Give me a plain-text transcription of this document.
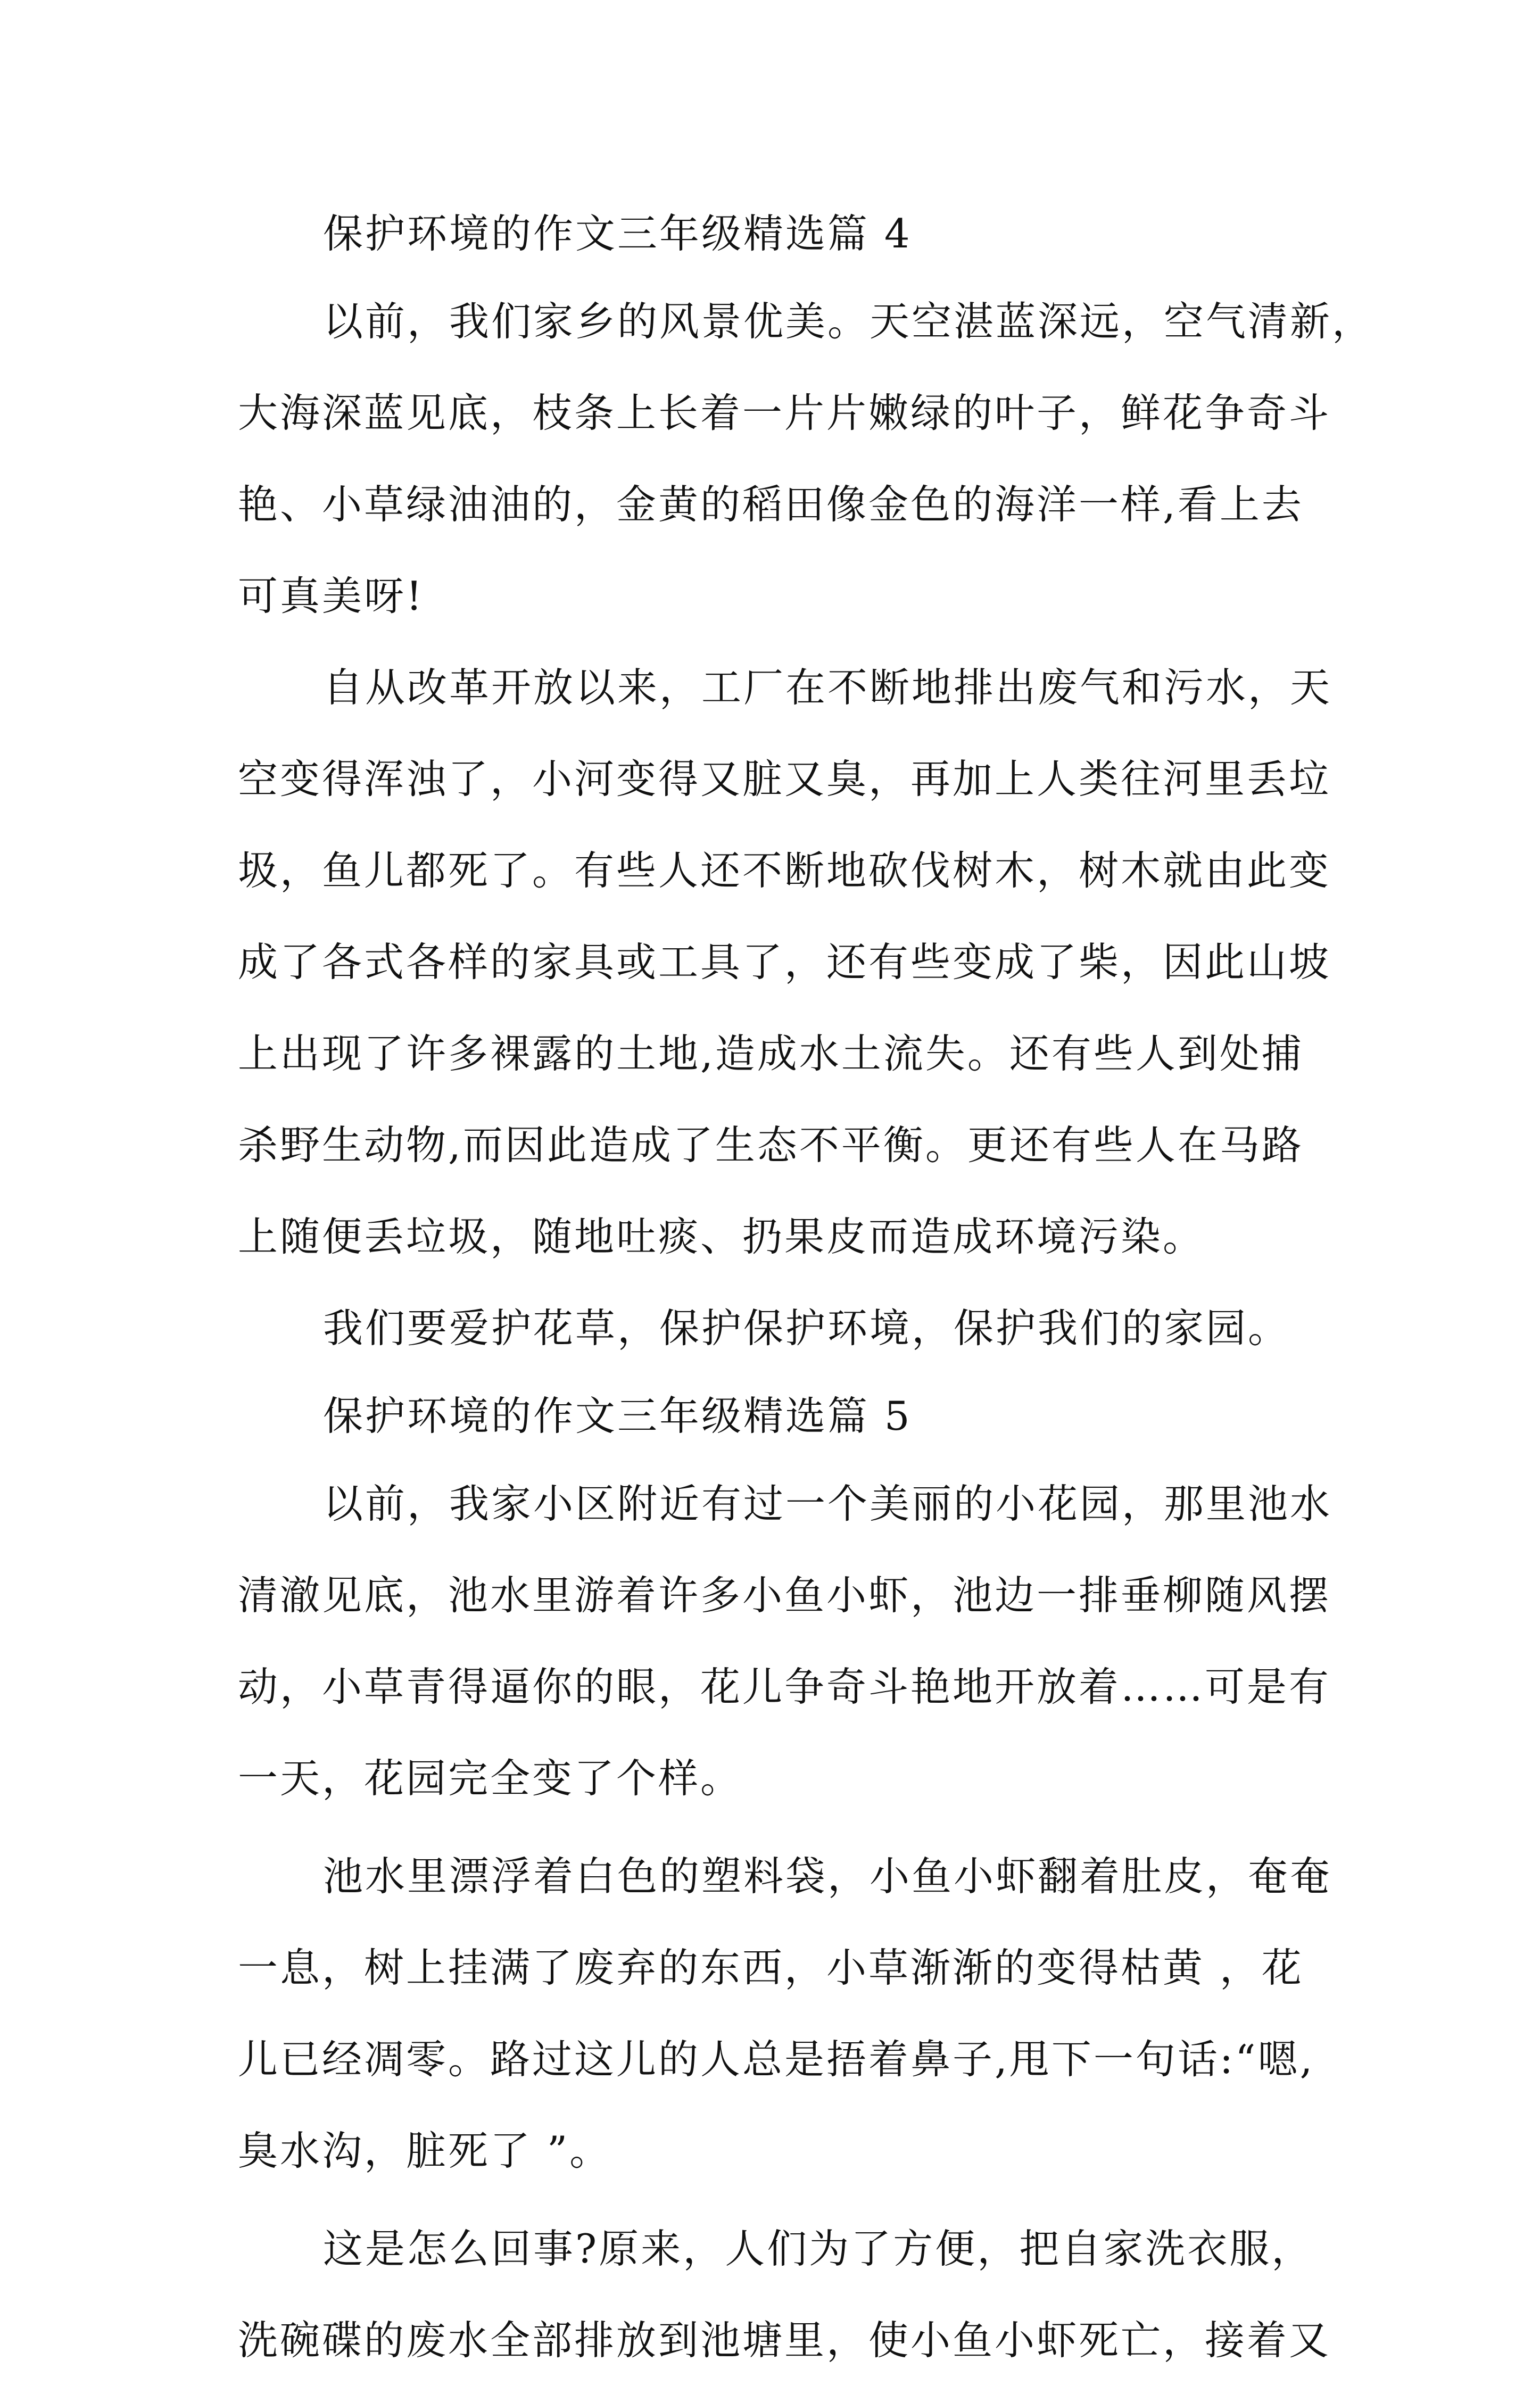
保护环境的作文三年级精选篇 4
以前，我们家乡的风景优美。天空湛蓝深远，空气清新，
大海深蓝见底，枝条上长着一片片嫩绿的叶子，鲜花争奇斗
艳、小草绿油油的，金黄的稻田像金色的海洋一样,看上去
可真美呀!
自从改革开放以来，工厂在不断地排出废气和污水，天
空变得浑浊了，小河变得又脏又臭，再加上人类往河里丢垃
圾，鱼儿都死了。有些人还不断地砍伐树木，树木就由此变
成了各式各样的家具或工具了，还有些变成了柴，因此山坡
上出现了许多裸露的土地,造成水土流失。还有些人到处捕
杀野生动物,而因此造成了生态不平衡。更还有些人在马路
上随便丢垃圾，随地吐痰、扔果皮而造成环境污染。
我们要爱护花草，保护保护环境，保护我们的家园。
保护环境的作文三年级精选篇 5
以前，我家小区附近有过一个美丽的小花园，那里池水
清澈见底，池水里游着许多小鱼小虾，池边一排垂柳随风摆
动，小草青得逼你的眼，花儿争奇斗艳地开放着……可是有
一天，花园完全变了个样。
池水里漂浮着白色的塑料袋，小鱼小虾翻着肚皮，奄奄
一息，树上挂满了废弃的东西，小草渐渐的变得枯黄 ，花
儿已经凋零。路过这儿的人总是捂着鼻子,甩下一句话:“嗯,
臭水沟，脏死了 ”。
这是怎么回事?原来，人们为了方便，把自家洗衣服，
洗碗碟的废水全部排放到池塘里，使小鱼小虾死亡，接着又
